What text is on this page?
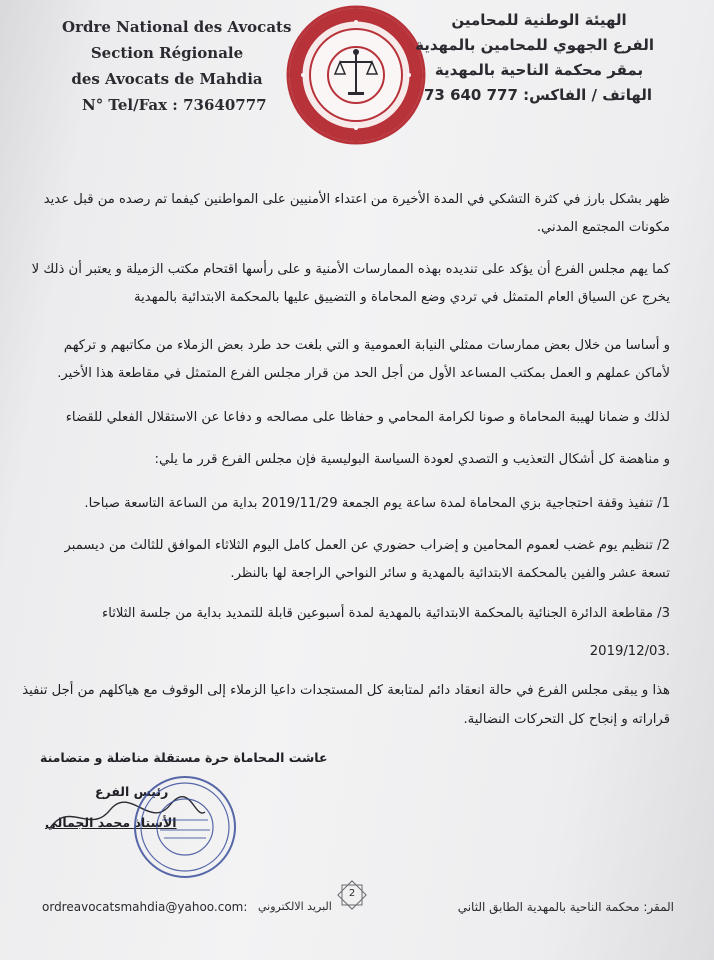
Ordre National des Avocats
Section Régionale
des Avocats de Mahdia
N° Tel/Fax : 73640777
الهيئة الوطنية للمحامين
الفرع الجهوي للمحامين بالمهدية
بمقر محكمة الناحية بالمهدية
الهاتف / الفاكس: 777 640 73
ظهر بشكل بارز في كثرة التشكي في المدة الأخيرة من اعتداء الأمنيين على المواطنين كيفما تم رصده من قبل عديد
مكونات المجتمع المدني.
كما يهم مجلس الفرع أن يؤكد على تنديده بهذه الممارسات الأمنية و على رأسها اقتحام مكتب الزميلة و يعتبر أن ذلك لا
يخرج عن السياق العام المتمثل في تردي وضع المحاماة و التضييق عليها بالمحكمة الابتدائية بالمهدية
و أساسا من خلال بعض ممارسات ممثلي النيابة العمومية و التي بلغت حد طرد بعض الزملاء من مكاتبهم و تركهم
لأماكن عملهم و العمل بمكتب المساعد الأول من أجل الحد من قرار مجلس الفرع المتمثل في مقاطعة هذا الأخير.
لذلك و ضمانا لهيبة المحاماة و صونا لكرامة المحامي و حفاظا على مصالحه و دفاعا عن الاستقلال الفعلي للقضاء
و مناهضة كل أشكال التعذيب و التصدي لعودة السياسة البوليسية فإن مجلس الفرع قرر ما يلي:
1/ تنفيذ وقفة احتجاجية بزي المحاماة لمدة ساعة يوم الجمعة 2019/11/29 بداية من الساعة التاسعة صباحا.
2/ تنظيم يوم غضب لعموم المحامين و إضراب حضوري عن العمل كامل اليوم الثلاثاء الموافق للثالث من ديسمبر
تسعة عشر والفين بالمحكمة الابتدائية بالمهدية و سائر النواحي الراجعة لها بالنظر.
3/ مقاطعة الدائرة الجنائية بالمحكمة الابتدائية بالمهدية لمدة أسبوعين قابلة للتمديد بداية من جلسة الثلاثاء
2019/12/03.
هذا و يبقى مجلس الفرع في حالة انعقاد دائم لمتابعة كل المستجدات داعيا الزملاء إلى الوقوف مع هياكلهم من أجل تنفيذ
قراراته و إنجاح كل التحركات النضالية.
عاشت المحاماة حرة مستقلة مناضلة و متضامنة
رئيس الفرع
الأستاذ محمد الجمالي
2
ordreavocatsmahdia@yahoo.com: البريد الالكتروني	المقر: محكمة الناحية بالمهدية الطابق الثاني
